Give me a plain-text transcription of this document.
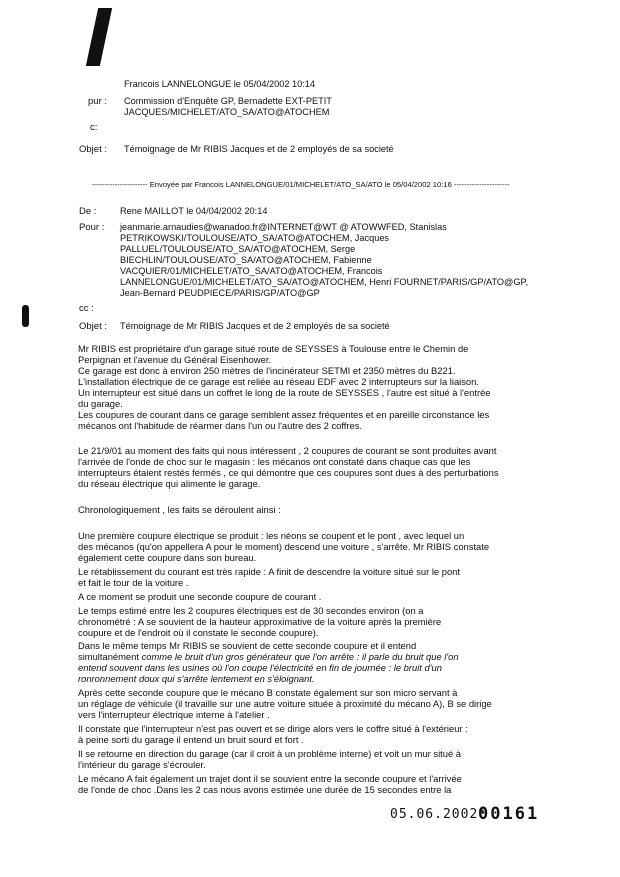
Francois LANNELONGUE le 05/04/2002 10:14
pur : Commission d'Enquête GP, Bernadette EXT-PETIT
JACQUES/MICHELET/ATO_SA/ATO@ATOCHEM
c:
Objet : Témoignage de Mr RIBIS Jacques et de 2 employés de sa societé
---------------------- Envoyée par Francois LANNELONGUE/01/MICHELET/ATO_SA/ATO le 05/04/2002 10:16 ----------------------
De :	Rene MAILLOT le 04/04/2002 20:14
Pour : jeanmarie.arnaudies@wanadoo.fr@INTERNET@WT @ ATOWWFED, Stanislas
PETRIKOWSKI/TOULOUSE/ATO_SA/ATO@ATOCHEM, Jacques
PALLUEL/TOULOUSE/ATO_SA/ATO@ATOCHEM, Serge
BIECHLIN/TOULOUSE/ATO_SA/ATO@ATOCHEM, Fabienne
VACQUIER/01/MICHELET/ATO_SA/ATO@ATOCHEM, Francois
LANNELONGUE/01/MICHELET/ATO_SA/ATO@ATOCHEM, Henri FOURNET/PARIS/GP/ATO@GP,
Jean-Bernard PEUDPIECE/PARIS/GP/ATO@GP
cc :
Objet : Témoignage de Mr RIBIS Jacques et de 2 employés de sa societé
Mr RIBIS est propriétaire d'un garage situé route de SEYSSES à Toulouse entre le Chemin de
Perpignan et l'avenue du Général Eisenhower.
Ce garage est donc à environ 250 mètres de l'incinérateur SETMI et 2350 mètres du B221.
L'installation électrique de ce garage est reliée au réseau EDF avec 2 interrupteurs sur la liaison.
Un interrupteur est situé dans un coffret le long de la route de SEYSSES , l'autre est situé à l'entrée
du garage.
Les coupures de courant dans ce garage semblent assez fréquentes et en pareille circonstance les
mécanos ont l'habitude de réarmer dans l'un ou l'autre des 2 coffres.
Le 21/9/01 au moment des faits qui nous intéressent , 2 coupures de courant se sont produites avant
l'arrivée de l'onde de choc sur le magasin : les mécanos ont constaté dans chaque cas que les
interrupteurs étaient restés fermés , ce qui démontre que ces coupures sont dues à des perturbations
du réseau électrique qui alimente le garage.
Chronologiquement , les faits se déroulent ainsi :
Une première coupure électrique se produit : les néons se coupent et le pont , avec lequel un
des mécanos (qu'on appellera A pour le moment) descend une voiture , s'arrête. Mr RIBIS constate
également cette coupure dans son bureau.
Le rétablissement du courant est très rapide : A finit de descendre la voiture situé sur le pont
et fait le tour de la voiture .
A ce moment se produit une seconde coupure de courant .
Le temps estimé entre les 2 coupures électriques est de 30 secondes environ (on a
chronométré : A se souvient de la hauteur approximative de la voiture après la première
coupure et de l'endroit où il constate le seconde coupure).
Dans le même temps Mr RIBIS se souvient de cette seconde coupure et il entend
simultanément comme le bruit d'un gros générateur que l'on arrête : il parle du bruit que l'on
entend souvent dans les usines où l'on coupe l'électricité en fin de journée : le bruit d'un
ronronnement doux qui s'arrête lentement en s'éloignant.
Après cette seconde coupure que le mécano B constate également sur son micro servant à
un réglage de véhicule (il travaille sur une autre voiture située à proximité du mécano A), B se dirige
vers l'interrupteur électrique interne à l'atelier .
Il constate que l'interrupteur n'est pas ouvert et se dirige alors vers le coffre situé à l'extérieur :
à peine sorti du garage il entend un bruit sourd et fort .
Il se retourne en direction du garage (car il croit à un problème interne) et voit un mur situé à
l'intérieur du garage s'écrouler.
Le mécano A fait également un trajet dont il se souvient entre la seconde coupure et l'arrivée
de l'onde de choc .Dans les 2 cas nous avons estimée une durée de 15 secondes entre la
05.06.2002*
00161
